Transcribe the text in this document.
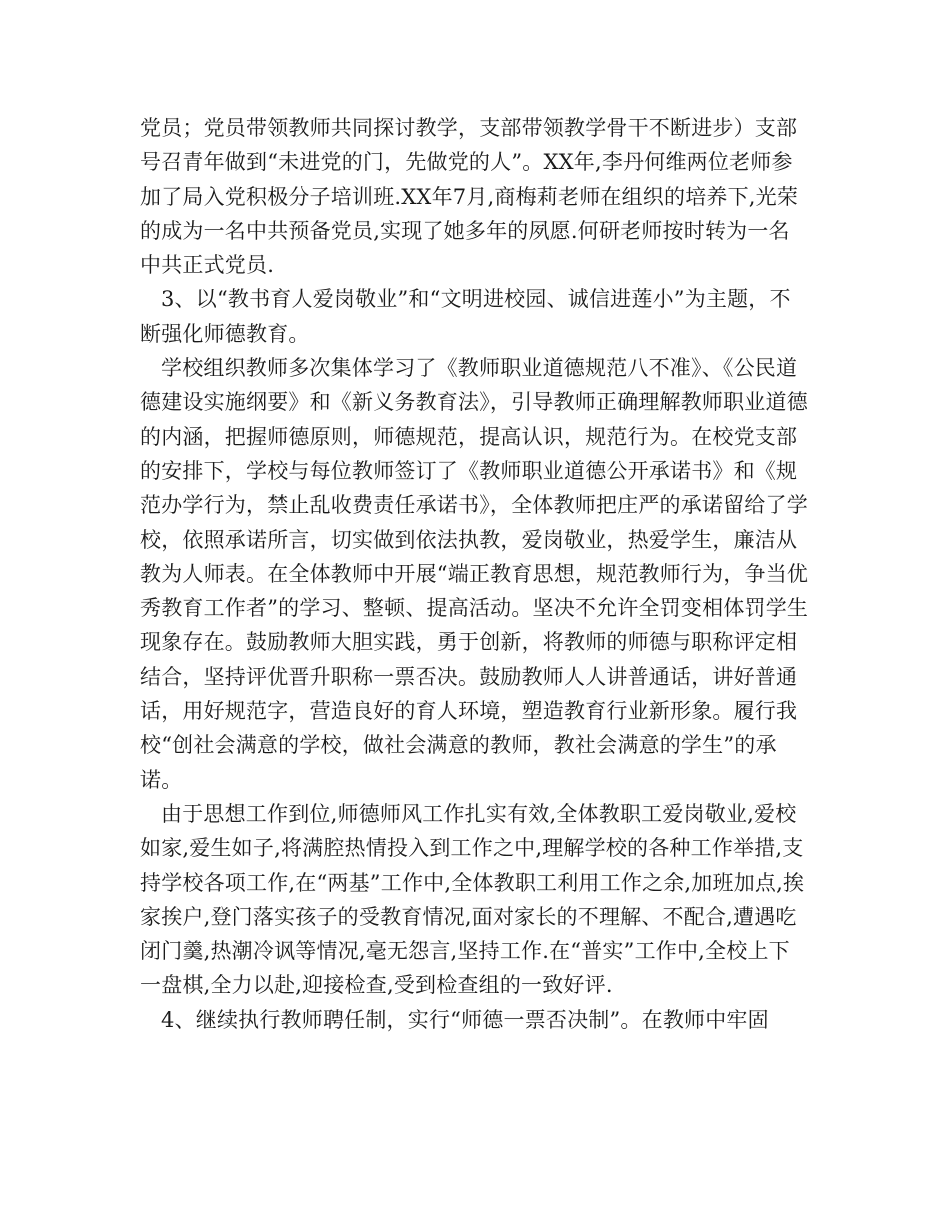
党员；党员带领教师共同探讨教学，支部带领教学骨干不断进步）支部号召青年做到“未进党的门，先做党的人”。XX年,李丹何维两位老师参加了局入党积极分子培训班.XX年7月,商梅莉老师在组织的培养下,光荣的成为一名中共预备党员,实现了她多年的夙愿.何研老师按时转为一名中共正式党员.

3、以“教书育人爱岗敬业”和“文明进校园、诚信进莲小”为主题，不断强化师德教育。

学校组织教师多次集体学习了《教师职业道德规范八不准》、《公民道德建设实施纲要》和《新义务教育法》，引导教师正确理解教师职业道德的内涵，把握师德原则，师德规范，提高认识，规范行为。在校党支部的安排下，学校与每位教师签订了《教师职业道德公开承诺书》和《规范办学行为，禁止乱收费责任承诺书》，全体教师把庄严的承诺留给了学校，依照承诺所言，切实做到依法执教，爱岗敬业，热爱学生，廉洁从教为人师表。在全体教师中开展“端正教育思想，规范教师行为，争当优秀教育工作者”的学习、整顿、提高活动。坚决不允许全罚变相体罚学生现象存在。鼓励教师大胆实践，勇于创新，将教师的师德与职称评定相结合，坚持评优晋升职称一票否决。鼓励教师人人讲普通话，讲好普通话，用好规范字，营造良好的育人环境，塑造教育行业新形象。履行我校“创社会满意的学校，做社会满意的教师，教社会满意的学生”的承诺。

由于思想工作到位,师德师风工作扎实有效,全体教职工爱岗敬业,爱校如家,爱生如子,将满腔热情投入到工作之中,理解学校的各种工作举措,支持学校各项工作,在“两基”工作中,全体教职工利用工作之余,加班加点,挨家挨户,登门落实孩子的受教育情况,面对家长的不理解、不配合,遭遇吃闭门羹,热潮冷讽等情况,毫无怨言,坚持工作.在“普实”工作中,全校上下一盘棋,全力以赴,迎接检查,受到检查组的一致好评.

4、继续执行教师聘任制，实行“师德一票否决制”。在教师中牢固
